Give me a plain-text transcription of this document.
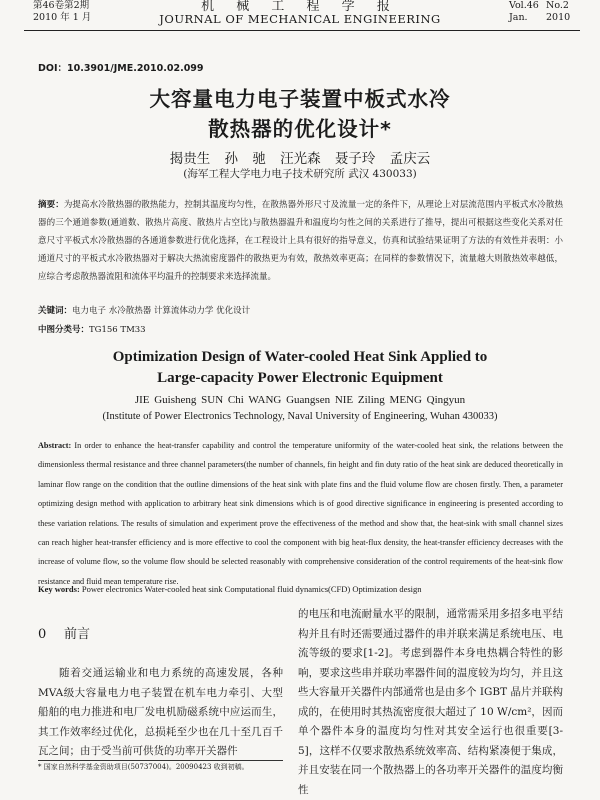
第46卷第2期
2010 年 1 月
机 械 工 程 学 报
JOURNAL OF MECHANICAL ENGINEERING
Vol.46 No.2
Jan. 2010
DOI：10.3901/JME.2010.02.099
大容量电力电子装置中板式水冷
散热器的优化设计*
揭贵生 孙 驰 汪光森 聂子玲 孟庆云
(海军工程大学电力电子技术研究所 武汉 430033)
摘要：为提高水冷散热器的散热能力，控制其温度均匀性，在散热器外形尺寸及流量一定的条件下，从理论上对层流范围内平板式水冷散热器的三个通道参数(通道数、散热片高度、散热片占空比)与散热器温升和温度均匀性之间的关系进行了推导，提出可根据这些变化关系对任意尺寸平板式水冷散热器的各通道参数进行优化选择，在工程设计上具有很好的指导意义，仿真和试验结果证明了方法的有效性并表明：小通道尺寸的平板式水冷散热器对于解决大热流密度器件的散热更为有效，散热效率更高；在同样的参数情况下，流量越大则散热效率越低，应综合考虑散热器流阻和流体平均温升的控制要求来选择流量。
关键词：电力电子 水冷散热器 计算流体动力学 优化设计
中图分类号：TG156 TM33
Optimization Design of Water-cooled Heat Sink Applied to
Large-capacity Power Electronic Equipment
JIE Guisheng SUN Chi WANG Guangsen NIE Ziling MENG Qingyun
(Institute of Power Electronics Technology, Naval University of Engineering, Wuhan 430033)
Abstract: In order to enhance the heat-transfer capability and control the temperature uniformity of the water-cooled heat sink, the relations between the dimensionless thermal resistance and three channel parameters(the number of channels, fin height and fin duty ratio of the heat sink are deduced theoretically in laminar flow range on the condition that the outline dimensions of the heat sink with plate fins and the fluid volume flow are chosen firstly. Then, a parameter optimizing design method with application to arbitrary heat sink dimensions which is of good directive significance in engineering is presented according to these variation relations. The results of simulation and experiment prove the effectiveness of the method and show that, the heat-sink with small channel sizes can reach higher heat-transfer efficiency and is more effective to cool the component with big heat-flux density, the heat-transfer efficiency decreases with the increase of volume flow, so the volume flow should be selected reasonably with comprehensive consideration of the control requirements of the heat-sink flow resistance and fluid mean temperature rise.
Key words: Power electronics Water-cooled heat sink Computational fluid dynamics(CFD) Optimization design
0 前言

随着交通运输业和电力系统的高速发展，各种MVA级大容量电力电子装置在机车电力牵引、大型船舶的电力推进和电厂发电机励磁系统中应运而生，其工作效率经过优化，总损耗至少也在几十至几百千瓦之间；由于受当前可供货的功率开关器件

的电压和电流耐量水平的限制，通常需采用多招多电平结构并且有时还需要通过器件的串并联来满足系统电压、电流等级的要求[1-2]。考虑到器件本身电热耦合特性的影响，要求这些串并联功率器件间的温度较为均匀，并且这些大容量开关器件内部通常也是由多个 IGBT 晶片并联构成的，在使用时其热流密度很大超过了 10 W/cm²，因而单个器件本身的温度均匀性对其安全运行也很重要[3-5]，这样不仅要求散热系统效率高、结构紧凑便于集成，并且安装在同一个散热器上的各功率开关器件的温度均衡性
* 国家自然科学基金资助项目(50737004)。20090423 收到初稿。
